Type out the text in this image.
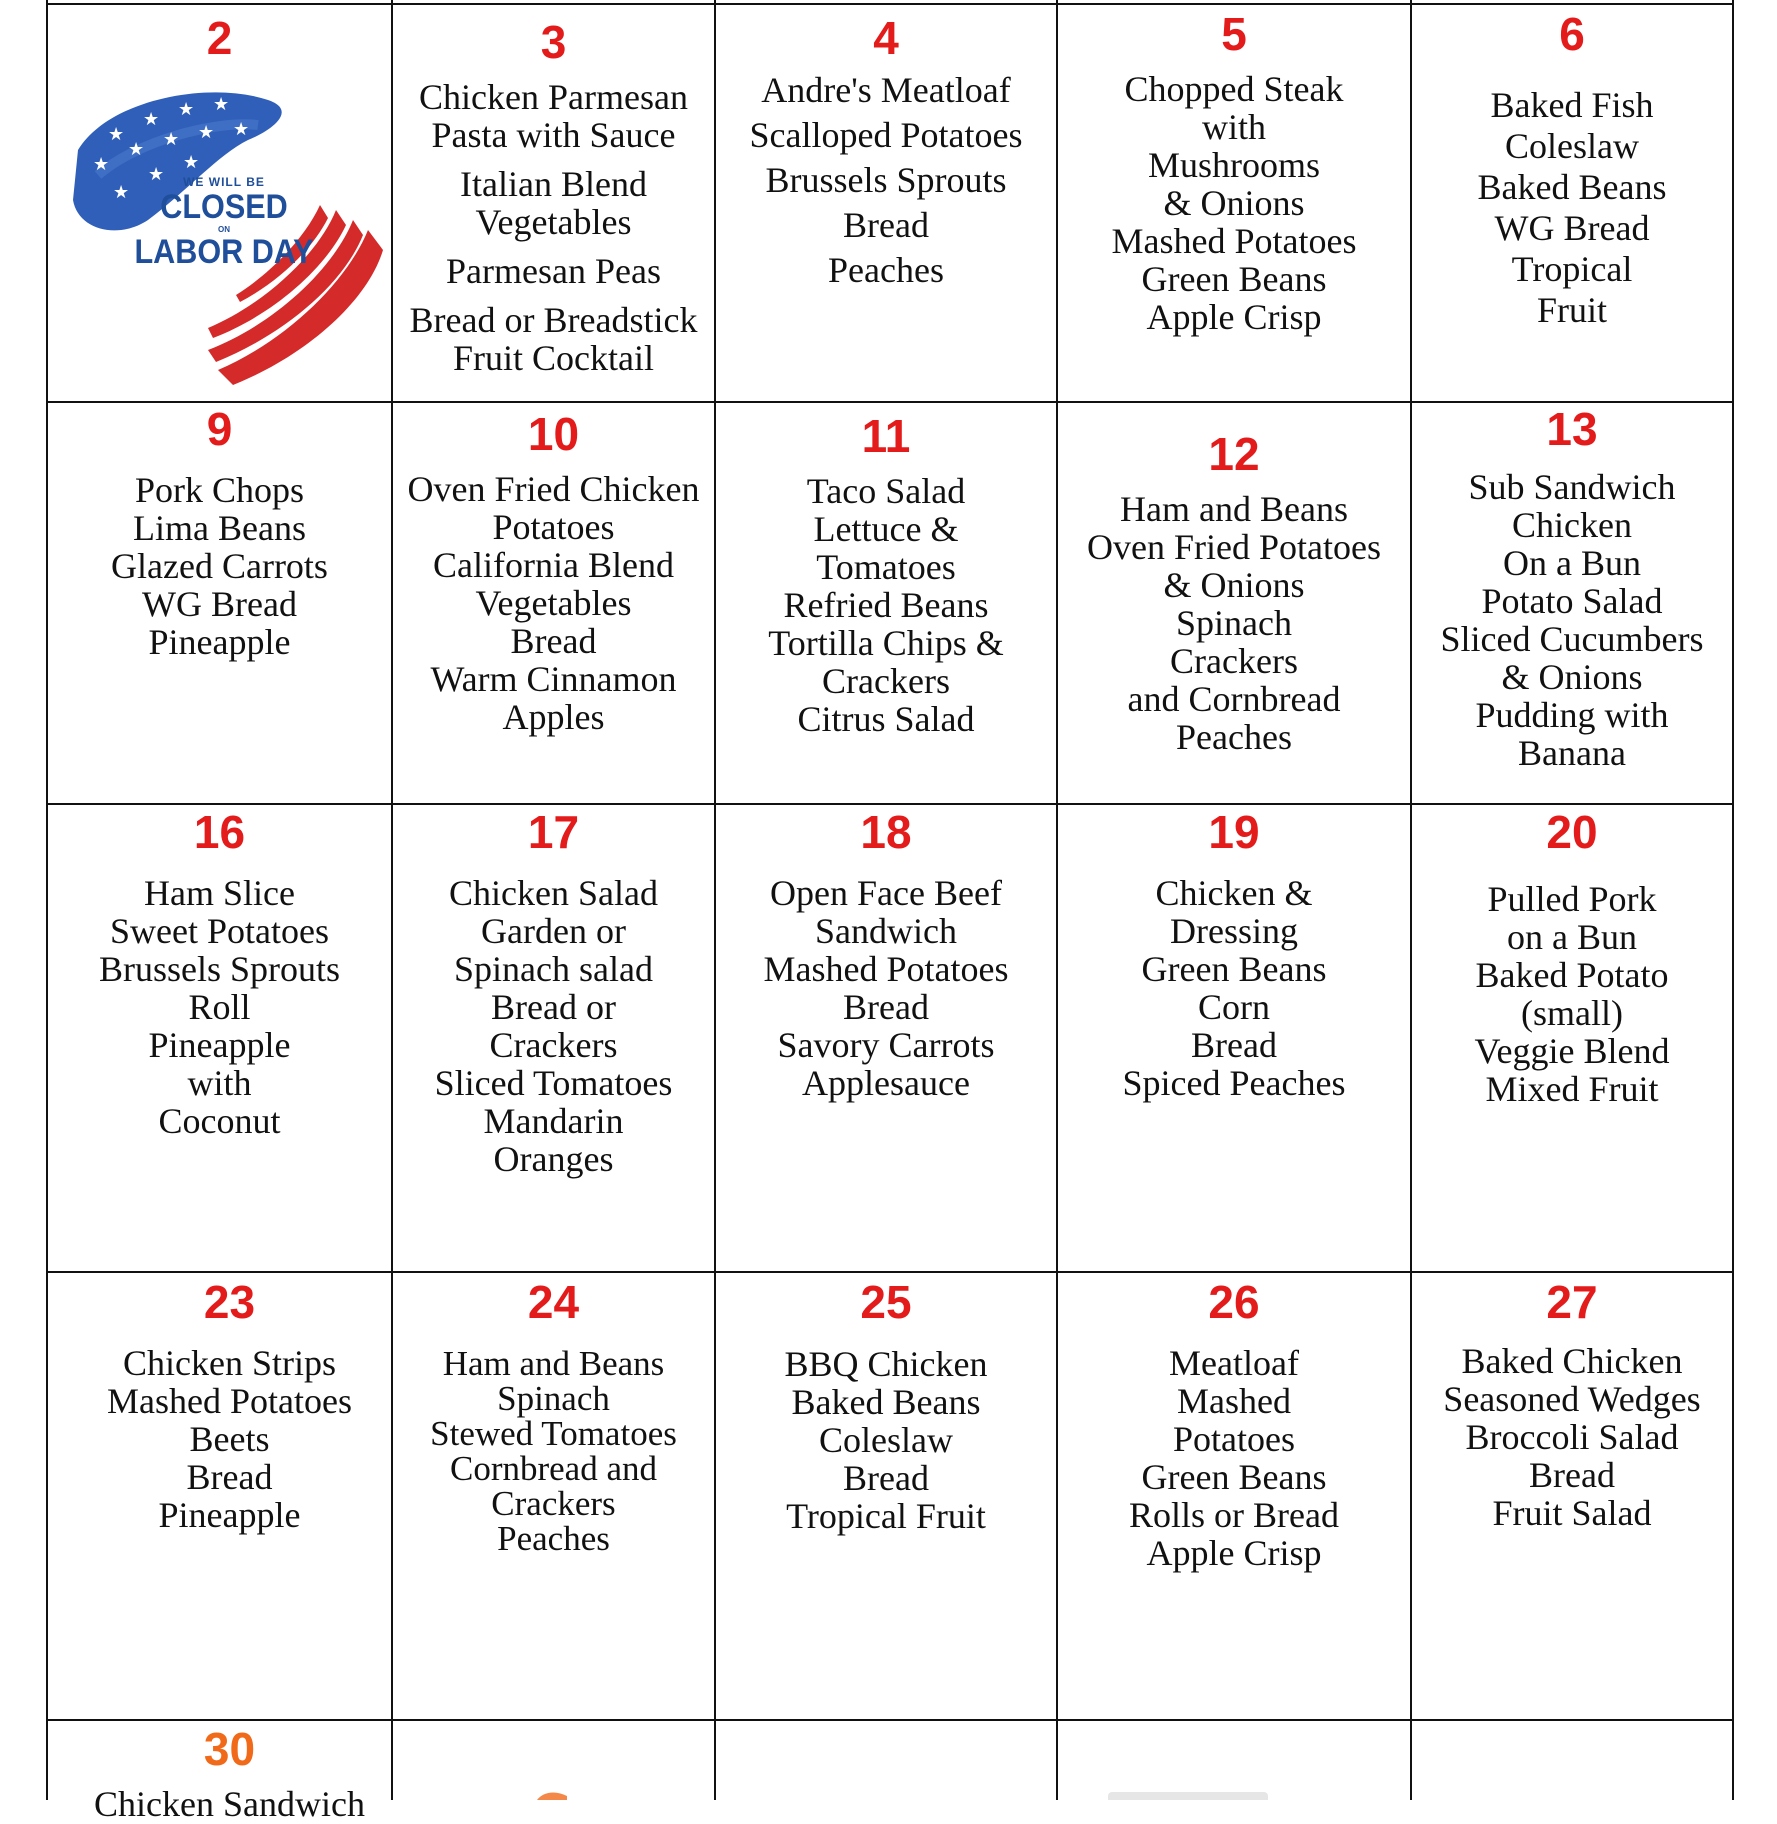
2
★
★ ★ ★
★
★ ★ ★ ★
★
★
★
WE WILL BE
CLOSED
ON
LABOR DAY
3
Chicken Parmesan
Pasta with Sauce
Italian Blend
Vegetables
Parmesan Peas
Bread or Breadstick
Fruit Cocktail
4
Andre's Meatloaf
Scalloped Potatoes
Brussels Sprouts
Bread
Peaches
5
Chopped Steak
with
Mushrooms
& Onions
Mashed Potatoes
Green Beans
Apple Crisp
6
Baked Fish
Coleslaw
Baked Beans
WG Bread
Tropical
Fruit
9
Pork Chops
Lima Beans
Glazed Carrots
WG Bread
Pineapple
10
Oven Fried Chicken
Potatoes
California Blend
Vegetables
Bread
Warm Cinnamon
Apples
11
Taco Salad
Lettuce &
Tomatoes
Refried Beans
Tortilla Chips &
Crackers
Citrus Salad
12
Ham and Beans
Oven Fried Potatoes
& Onions
Spinach
Crackers
and Cornbread
Peaches
13
Sub Sandwich
Chicken
On a Bun
Potato Salad
Sliced Cucumbers
& Onions
Pudding with
Banana
16
Ham Slice
Sweet Potatoes
Brussels Sprouts
Roll
Pineapple
with
Coconut
17
Chicken Salad
Garden or
Spinach salad
Bread or
Crackers
Sliced Tomatoes
Mandarin
Oranges
18
Open Face Beef
Sandwich
Mashed Potatoes
Bread
Savory Carrots
Applesauce
19
Chicken &
Dressing
Green Beans
Corn
Bread
Spiced Peaches
20
Pulled Pork
on a Bun
Baked Potato
(small)
Veggie Blend
Mixed Fruit
23
Chicken Strips
Mashed Potatoes
Beets
Bread
Pineapple
24
Ham and Beans
Spinach
Stewed Tomatoes
Cornbread and
Crackers
Peaches
25
BBQ Chicken
Baked Beans
Coleslaw
Bread
Tropical Fruit
26
Meatloaf
Mashed
Potatoes
Green Beans
Rolls or Bread
Apple Crisp
27
Baked Chicken
Seasoned Wedges
Broccoli Salad
Bread
Fruit Salad
30
Chicken Sandwich
